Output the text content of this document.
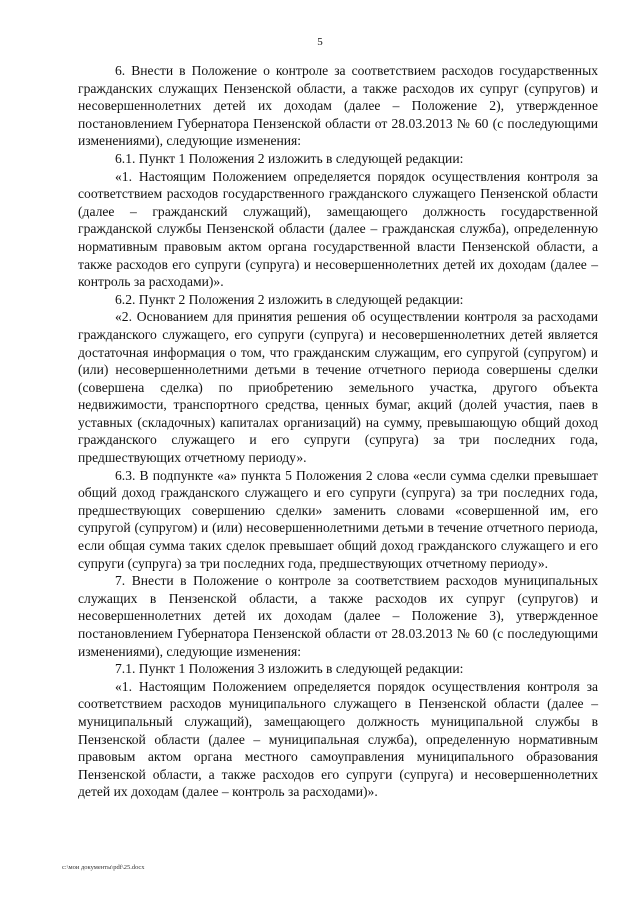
5

6. Внести в Положение о контроле за соответствием расходов государственных гражданских служащих Пензенской области, а также расходов их супруг (супругов) и несовершеннолетних детей их доходам (далее – Положение 2), утвержденное постановлением Губернатора Пензенской области от 28.03.2013 № 60 (с последующими изменениями), следующие изменения:

6.1. Пункт 1 Положения 2 изложить в следующей редакции:

«1. Настоящим Положением определяется порядок осуществления контроля за соответствием расходов государственного гражданского служащего Пензенской области (далее – гражданский служащий), замещающего должность государственной гражданской службы Пензенской области (далее – гражданская служба), определенную нормативным правовым актом органа государственной власти Пензенской области, а также расходов его супруги (супруга) и несовершеннолетних детей их доходам (далее – контроль за расходами)».

6.2. Пункт 2 Положения 2 изложить в следующей редакции:

«2. Основанием для принятия решения об осуществлении контроля за расходами гражданского служащего, его супруги (супруга) и несовершеннолетних детей является достаточная информация о том, что гражданским служащим, его супругой (супругом) и (или) несовершеннолетними детьми в течение отчетного периода совершены сделки (совершена сделка) по приобретению земельного участка, другого объекта недвижимости, транспортного средства, ценных бумаг, акций (долей участия, паев в уставных (складочных) капиталах организаций) на сумму, превышающую общий доход гражданского служащего и его супруги (супруга) за три последних года, предшествующих отчетному периоду».

6.3. В подпункте «а» пункта 5 Положения 2 слова «если сумма сделки превышает общий доход гражданского служащего и его супруги (супруга) за три последних года, предшествующих совершению сделки» заменить словами «совершенной им, его супругой (супругом) и (или) несовершеннолетними детьми в течение отчетного периода, если общая сумма таких сделок превышает общий доход гражданского служащего и его супруги (супруга) за три последних года, предшествующих отчетному периоду».

7. Внести в Положение о контроле за соответствием расходов муниципальных служащих в Пензенской области, а также расходов их супруг (супругов) и несовершеннолетних детей их доходам (далее – Положение 3), утвержденное постановлением Губернатора Пензенской области от 28.03.2013 № 60 (с последующими изменениями), следующие изменения:

7.1. Пункт 1 Положения 3 изложить в следующей редакции:

«1. Настоящим Положением определяется порядок осуществления контроля за соответствием расходов муниципального служащего в Пензенской области (далее – муниципальный служащий), замещающего должность муниципальной службы в Пензенской области (далее – муниципальная служба), определенную нормативным правовым актом органа местного самоуправления муниципального образования Пензенской области, а также расходов его супруги (супруга) и несовершеннолетних детей их доходам (далее – контроль за расходами)».

c:\мои документы\pdf\25.docx
